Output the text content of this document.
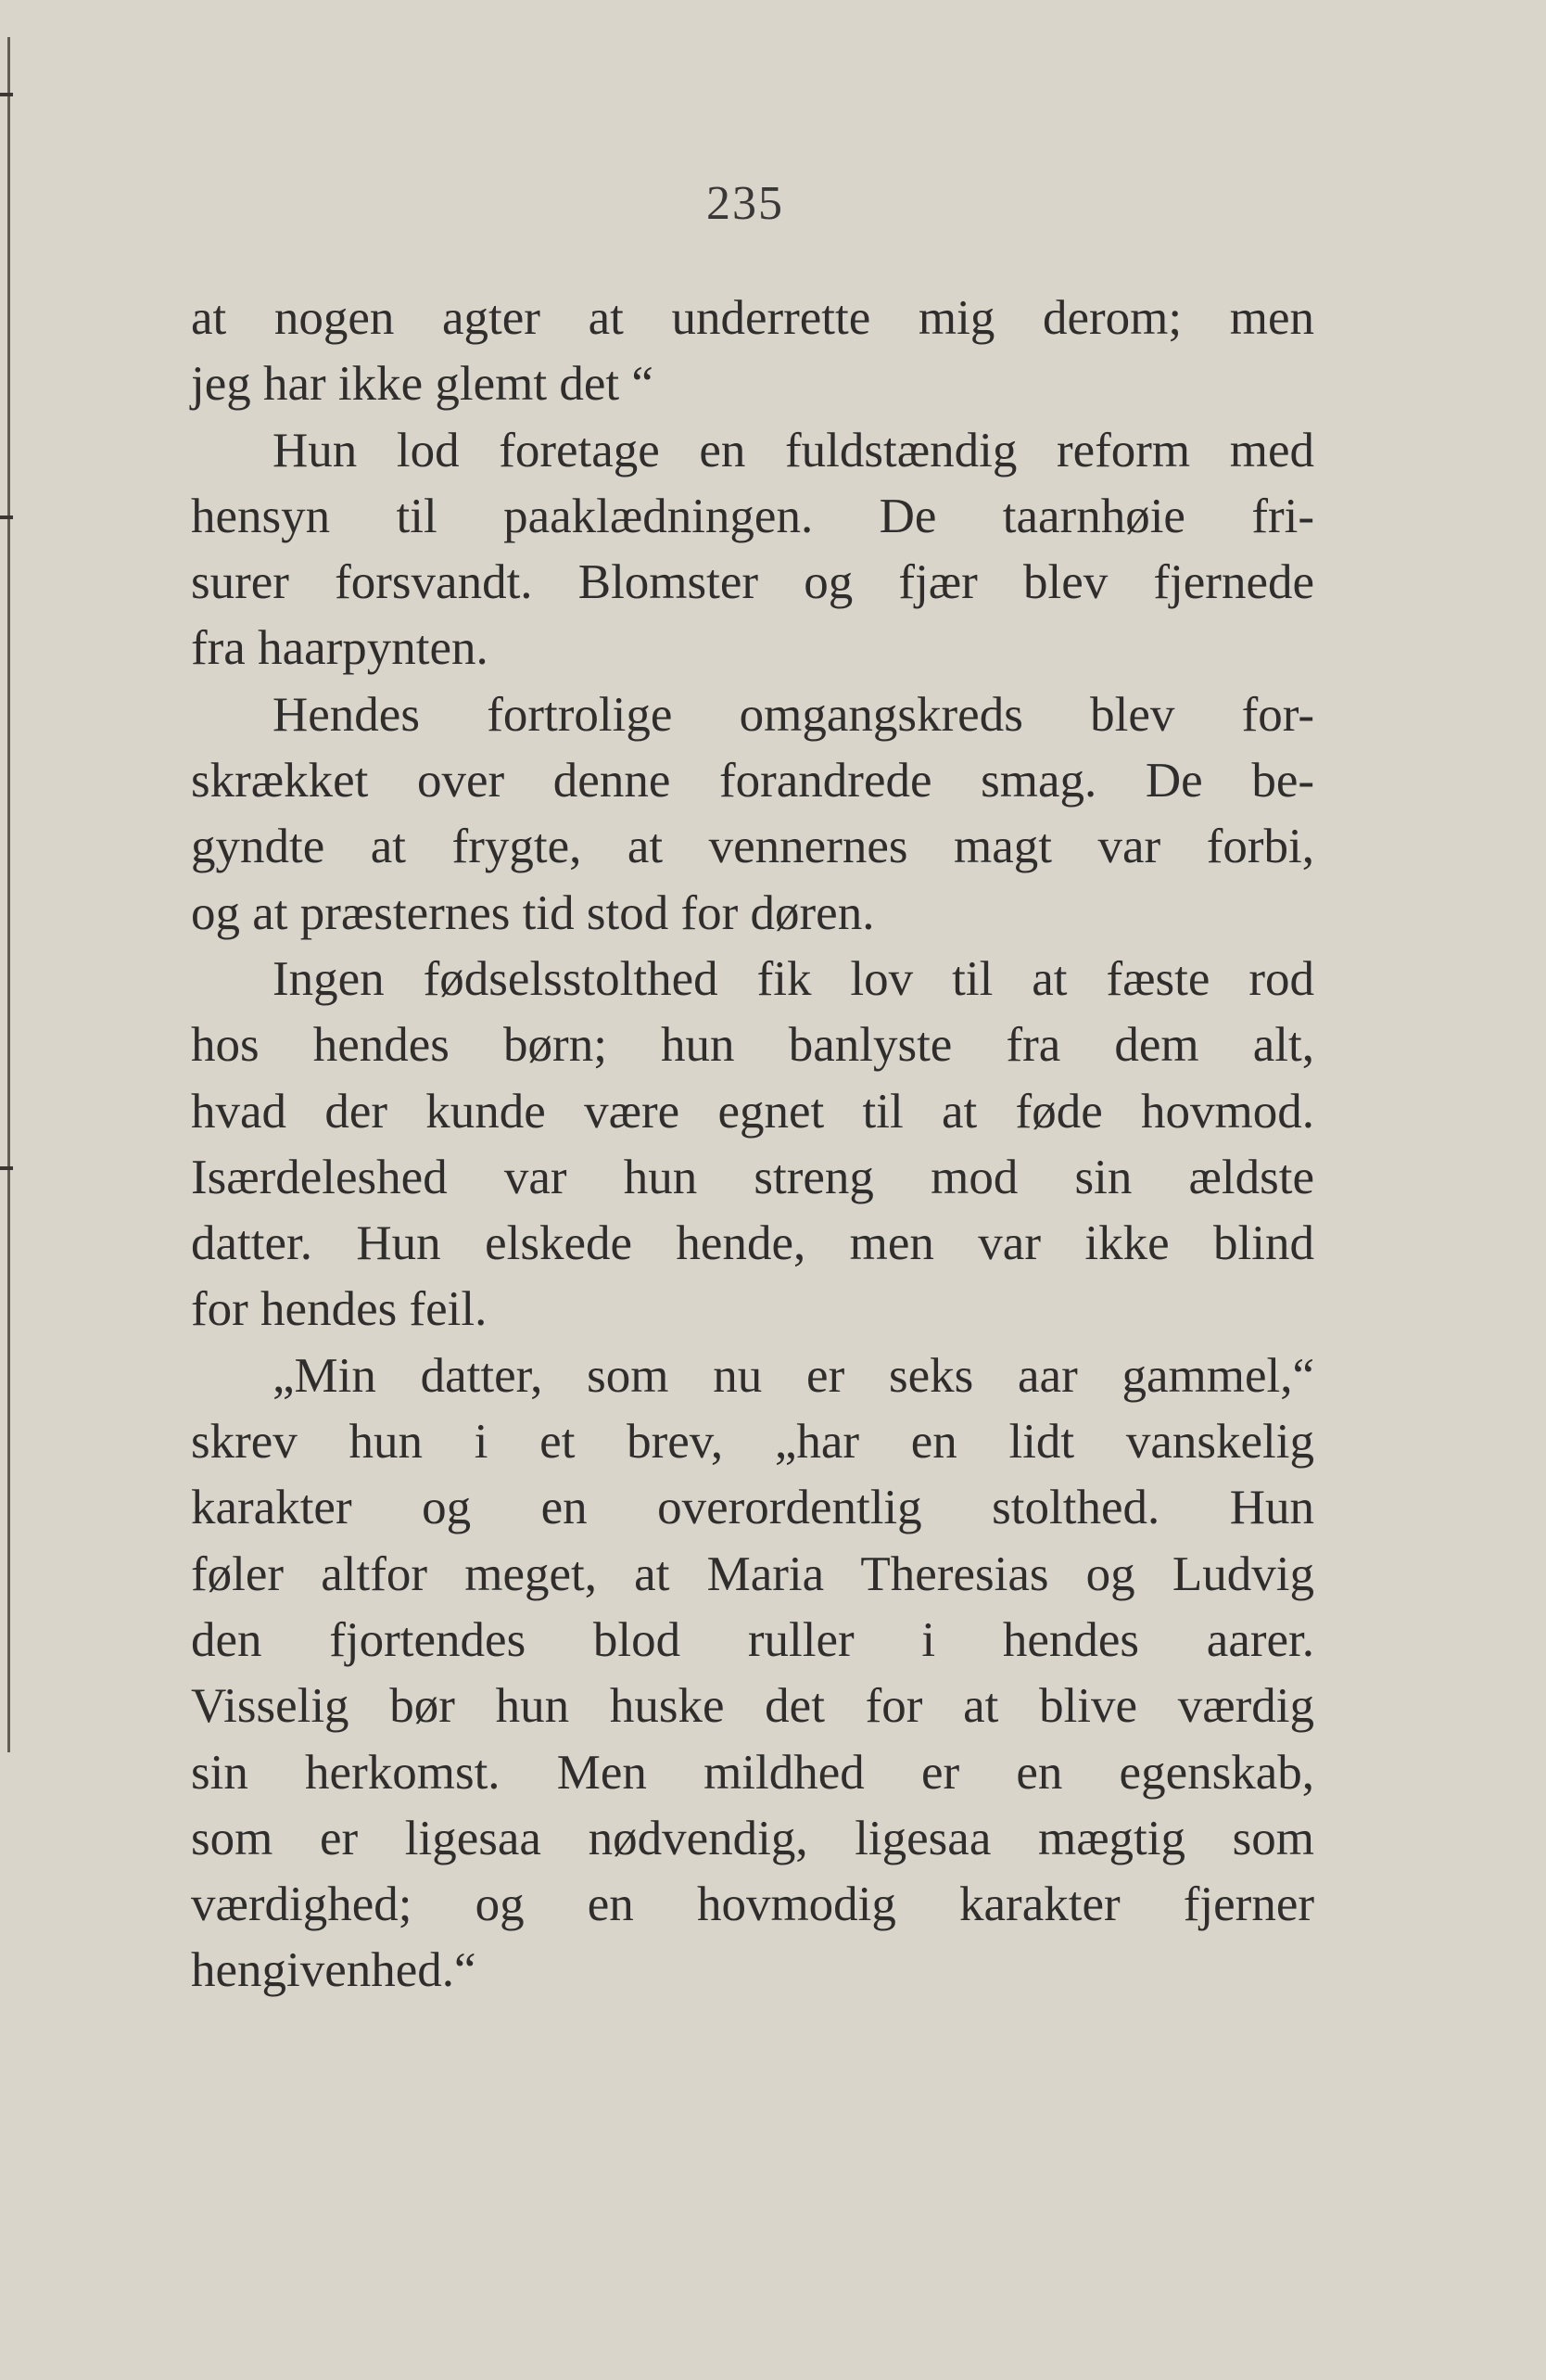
235
at nogen agter at underrette mig derom; men
jeg har ikke glemt det “
Hun lod foretage en fuldstændig reform med
hensyn til paaklædningen. De taarnhøie fri-
surer forsvandt. Blomster og fjær blev fjernede
fra haarpynten.
Hendes fortrolige omgangskreds blev for-
skrækket over denne forandrede smag. De be-
gyndte at frygte, at vennernes magt var forbi,
og at præsternes tid stod for døren.
Ingen fødselsstolthed fik lov til at fæste rod
hos hendes børn; hun banlyste fra dem alt,
hvad der kunde være egnet til at føde hovmod.
Isærdeleshed var hun streng mod sin ældste
datter. Hun elskede hende, men var ikke blind
for hendes feil.
„Min datter, som nu er seks aar gammel,“
skrev hun i et brev, „har en lidt vanskelig
karakter og en overordentlig stolthed. Hun
føler altfor meget, at Maria Theresias og Ludvig
den fjortendes blod ruller i hendes aarer.
Visselig bør hun huske det for at blive værdig
sin herkomst. Men mildhed er en egenskab,
som er ligesaa nødvendig, ligesaa mægtig som
værdighed; og en hovmodig karakter fjerner
hengivenhed.“
